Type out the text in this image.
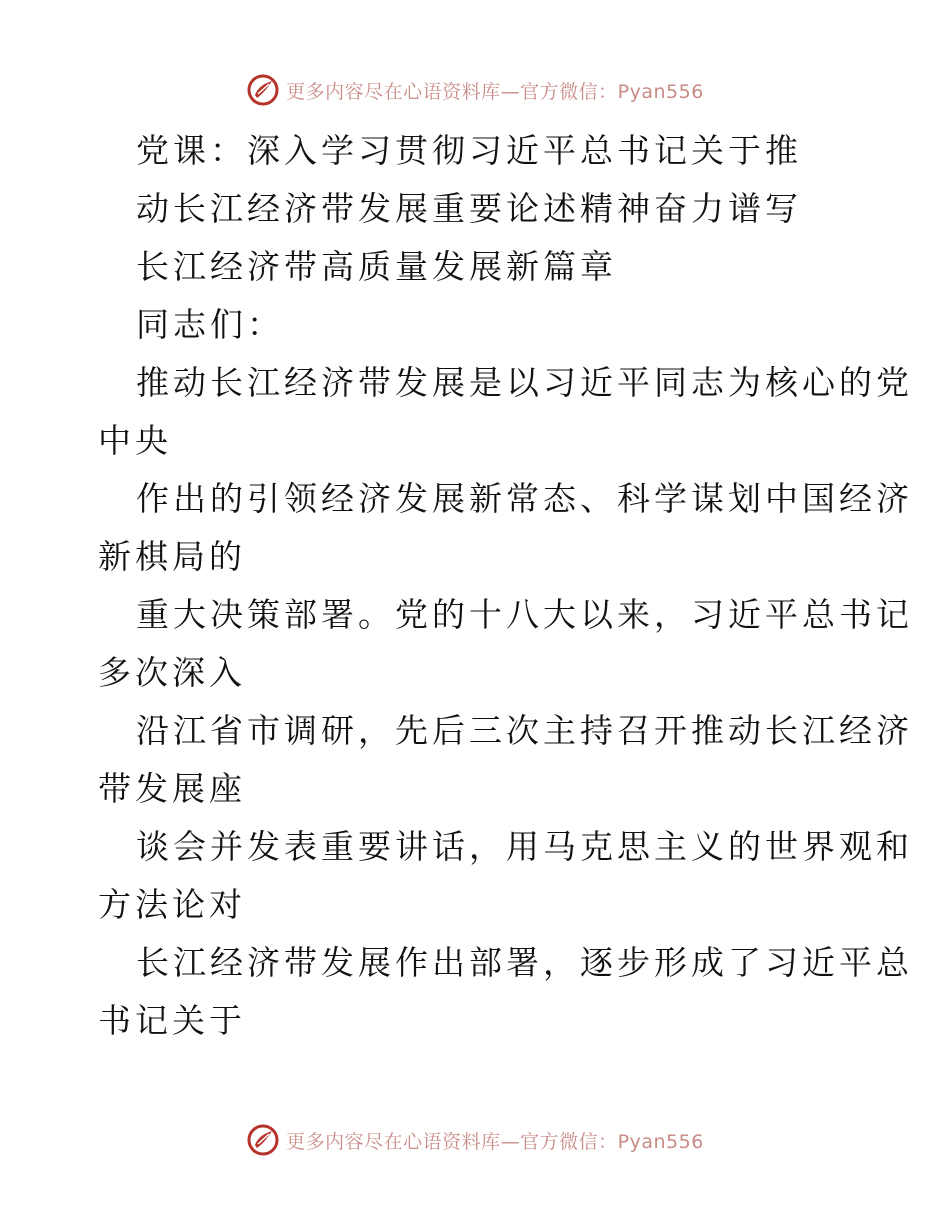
更多内容尽在心语资料库—官方微信：Pyan556
党课：深入学习贯彻习近平总书记关于推
动长江经济带发展重要论述精神奋力谱写
长江经济带高质量发展新篇章
同志们：
推动长江经济带发展是以习近平同志为核心的党
中央
作出的引领经济发展新常态、科学谋划中国经济
新棋局的
重大决策部署。党的十八大以来，习近平总书记
多次深入
沿江省市调研，先后三次主持召开推动长江经济
带发展座
谈会并发表重要讲话，用马克思主义的世界观和
方法论对
长江经济带发展作出部署，逐步形成了习近平总
书记关于
更多内容尽在心语资料库—官方微信：Pyan556
